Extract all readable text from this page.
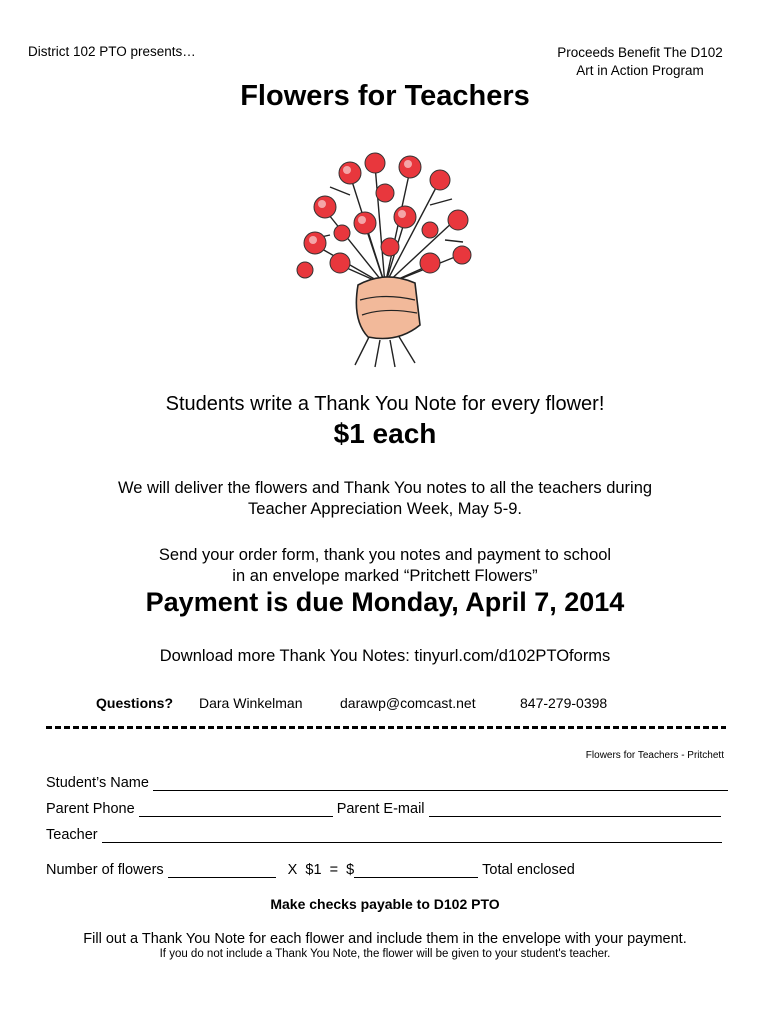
District 102 PTO presents…	Proceeds Benefit The D102
Art in Action Program
Flowers for Teachers
Students write a Thank You Note for every flower!
$1 each
We will deliver the flowers and Thank You notes to all the teachers during
Teacher Appreciation Week, May 5-9.
Send your order form, thank you notes and payment to school
in an envelope marked “Pritchett Flowers”
Payment is due Monday, April 7, 2014
Download more Thank You Notes: tinyurl.com/d102PTOforms
Questions? Dara Winkelman	darawp@comcast.net	847-279-0398
Flowers for Teachers - Pritchett
Student’s Name
Parent Phone	Parent E-mail
Teacher
Number of flowers	X  $1  =  $	Total enclosed
Make checks payable to D102 PTO
Fill out a Thank You Note for each flower and include them in the envelope with your payment.
If you do not include a Thank You Note, the flower will be given to your student's teacher.
